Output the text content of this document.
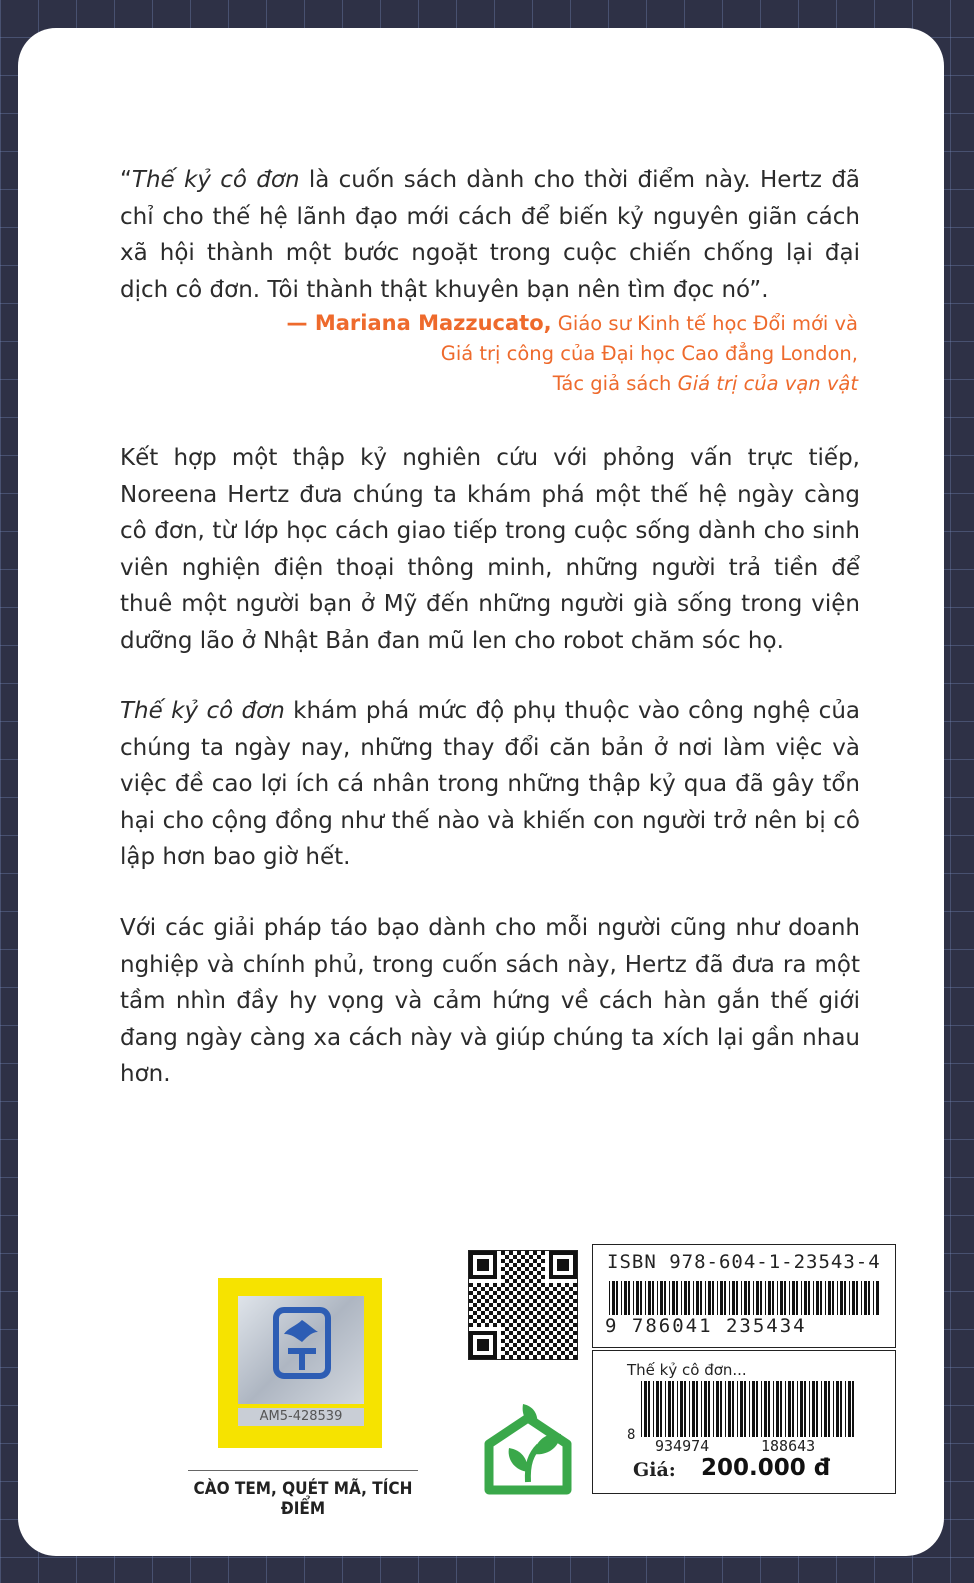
“Thế kỷ cô đơn là cuốn sách dành cho thời điểm này. Hertz đã chỉ cho thế hệ lãnh đạo mới cách để biến kỷ nguyên giãn cách xã hội thành một bước ngoặt trong cuộc chiến chống lại đại dịch cô đơn. Tôi thành thật khuyên bạn nên tìm đọc nó”.

— Mariana Mazzucato, Giáo sư Kinh tế học Đổi mới và
Giá trị công của Đại học Cao đẳng London,
Tác giả sách Giá trị của vạn vật

Kết hợp một thập kỷ nghiên cứu với phỏng vấn trực tiếp, Noreena Hertz đưa chúng ta khám phá một thế hệ ngày càng cô đơn, từ lớp học cách giao tiếp trong cuộc sống dành cho sinh viên nghiện điện thoại thông minh, những người trả tiền để thuê một người bạn ở Mỹ đến những người già sống trong viện dưỡng lão ở Nhật Bản đan mũ len cho robot chăm sóc họ.

Thế kỷ cô đơn khám phá mức độ phụ thuộc vào công nghệ của chúng ta ngày nay, những thay đổi căn bản ở nơi làm việc và việc đề cao lợi ích cá nhân trong những thập kỷ qua đã gây tổn hại cho cộng đồng như thế nào và khiến con người trở nên bị cô lập hơn bao giờ hết.

Với các giải pháp táo bạo dành cho mỗi người cũng như doanh nghiệp và chính phủ, trong cuốn sách này, Hertz đã đưa ra một tầm nhìn đầy hy vọng và cảm hứng về cách hàn gắn thế giới đang ngày càng xa cách này và giúp chúng ta xích lại gần nhau hơn.

AM5-428539
CÀO TEM, QUÉT MÃ, TÍCH ĐIỂM
ISBN 978-604-1-23543-4
9 786041 235434
Thế kỷ cô đơn...
8
934974	188643
Giá: 200.000 đ
